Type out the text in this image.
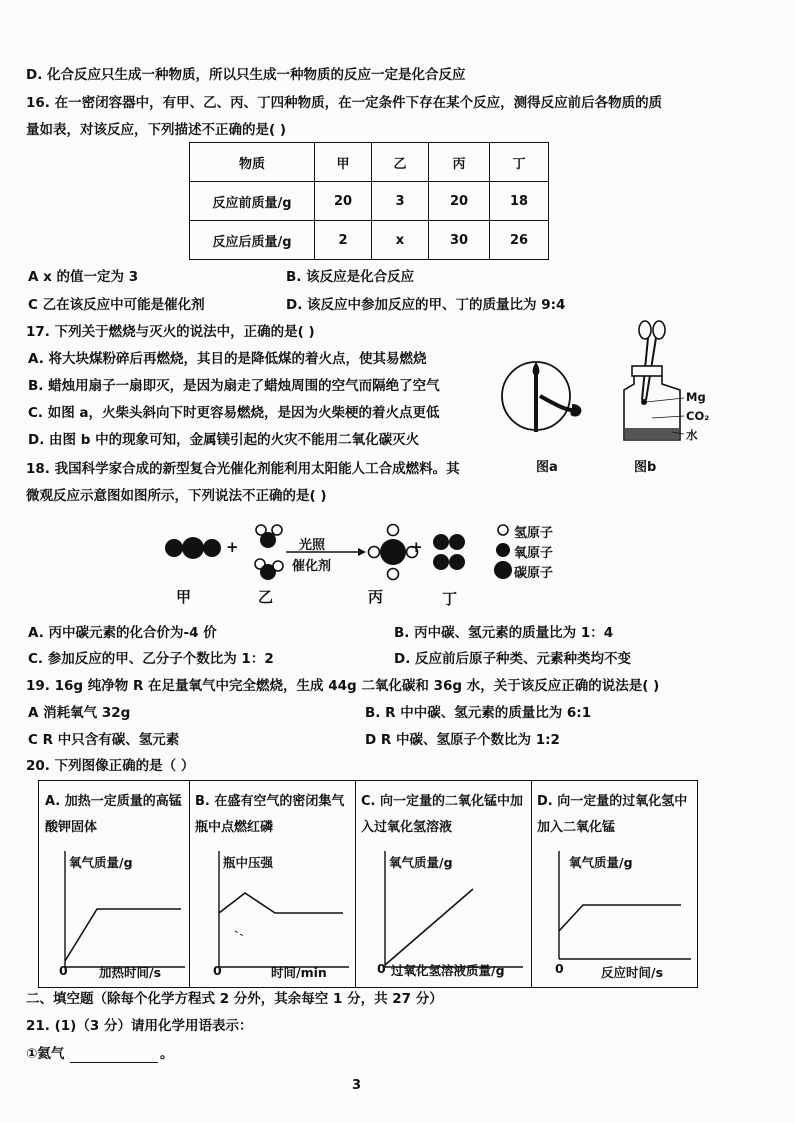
D. 化合反应只生成一种物质，所以只生成一种物质的反应一定是化合反应
16. 在一密闭容器中，有甲、乙、丙、丁四种物质，在一定条件下存在某个反应，测得反应前后各物质的质
量如表，对该反应，下列描述不正确的是( )
物质	甲	乙	丙	丁
反应前质量/g	20	3	20	18
反应后质量/g	2	x	30	26
A x 的值一定为 3	B. 该反应是化合反应
C 乙在该反应中可能是催化剂	D. 该反应中参加反应的甲、丁的质量比为 9:4
17. 下列关于燃烧与灭火的说法中，正确的是( )
A. 将大块煤粉碎后再燃烧，其目的是降低煤的着火点，使其易燃烧
B. 蜡烛用扇子一扇即灭，是因为扇走了蜡烛周围的空气而隔绝了空气
C. 如图 a，火柴头斜向下时更容易燃烧，是因为火柴梗的着火点更低
D. 由图 b 中的现象可知，金属镁引起的火灾不能用二氧化碳灭火
图a
Mg
CO₂
水
图b
18. 我国科学家合成的新型复合光催化剂能利用太阳能人工合成燃料。其
微观反应示意图如图所示，下列说法不正确的是( )
+	+
光照
催化剂
氢原子
氧原子
碳原子
甲	乙	丙	丁
A. 丙中碳元素的化合价为-4 价	B. 丙中碳、氢元素的质量比为 1：4
C. 参加反应的甲、乙分子个数比为 1：2	D. 反应前后原子种类、元素种类均不变
19. 16g 纯净物 R 在足量氧气中完全燃烧，生成 44g 二氧化碳和 36g 水，关于该反应正确的说法是( )
A 消耗氧气 32g	B. R 中中碳、氢元素的质量比为 6:1
C R 中只含有碳、氢元素	D R 中碳、氢原子个数比为 1:2
20. 下列图像正确的是（ ）
A. 加热一定质量的高锰酸钾固体
氧气质量/g
加热时间/s
0
B. 在盛有空气的密闭集气瓶中点燃红磷
瓶中压强
时间/min
0
C. 向一定量的二氧化锰中加入过氧化氢溶液
氧气质量/g
过氧化氢溶液质量/g
0
D. 向一定量的过氧化氢中加入二氧化锰
氧气质量/g
反应时间/s
0
二、填空题（除每个化学方程式 2 分外，其余每空 1 分，共 27 分）
21. (1)（3 分）请用化学用语表示：
①氦气	。
3
